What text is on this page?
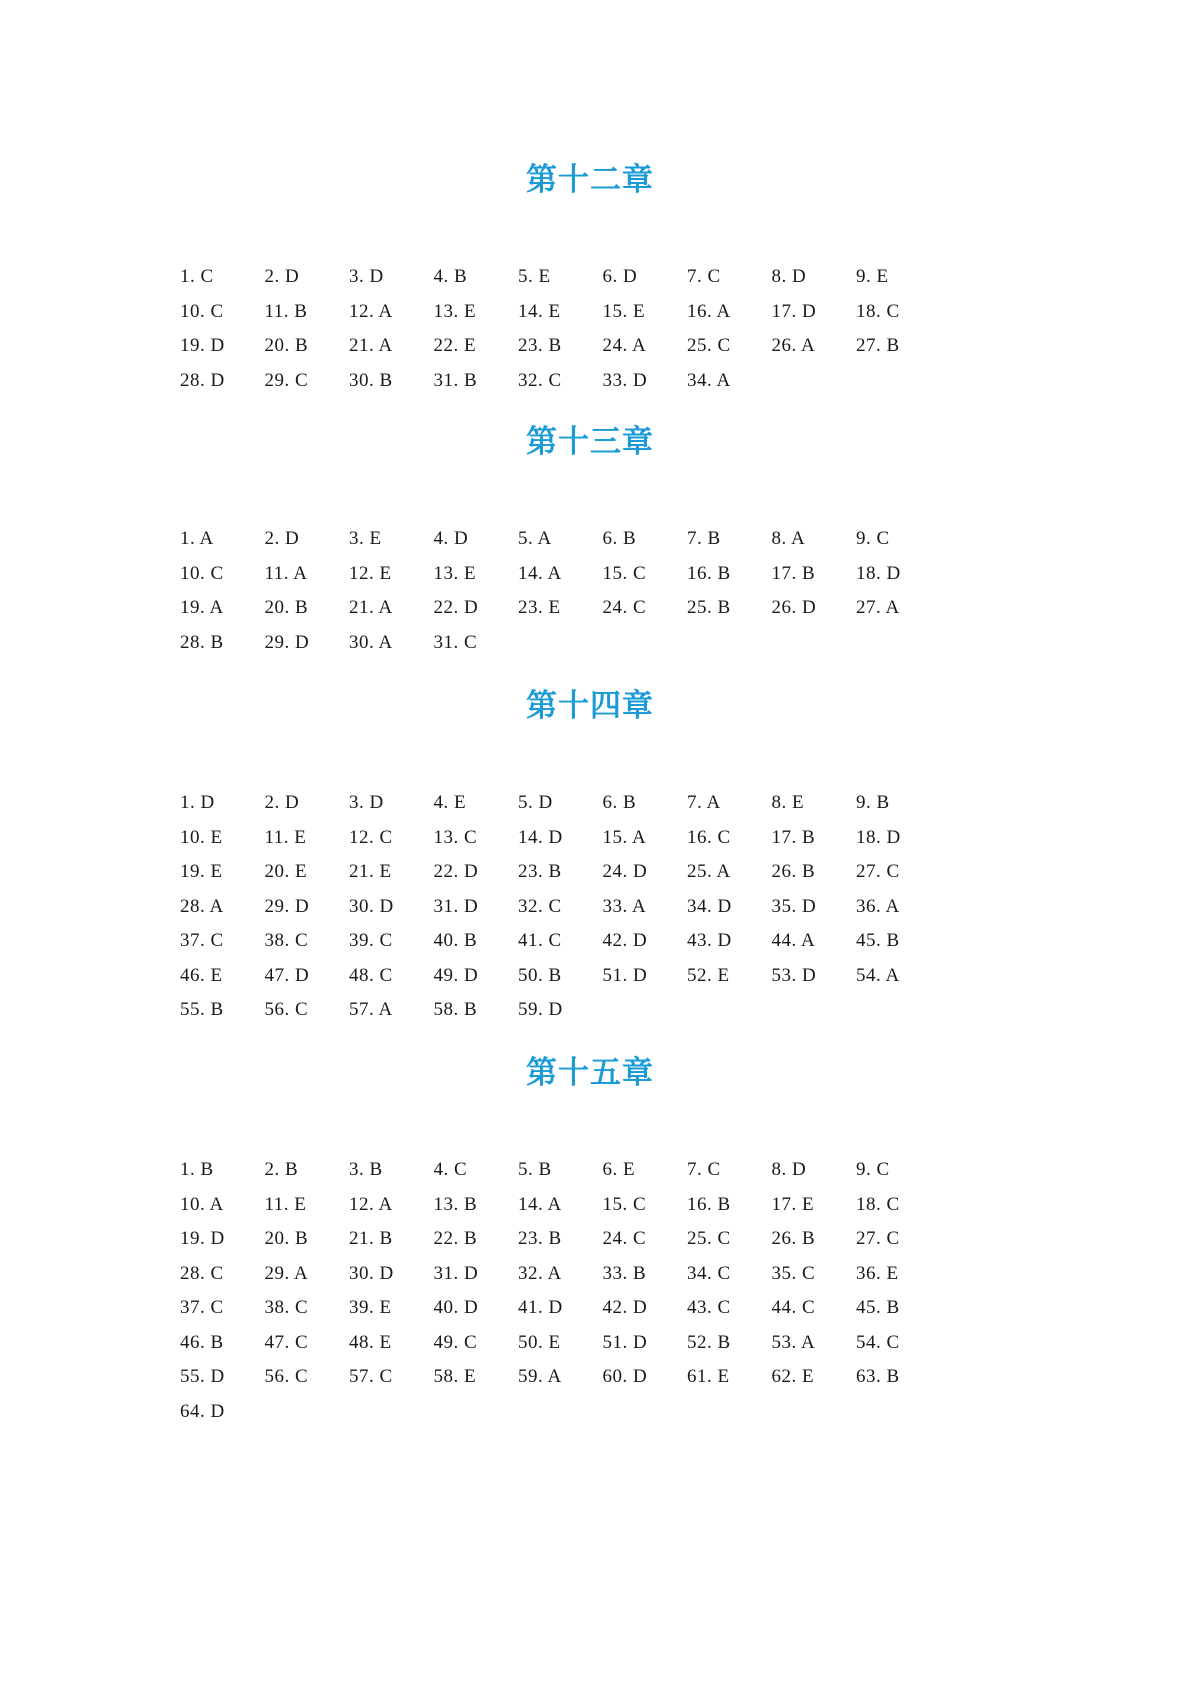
第十二章
1. C	2. D	3. D	4. B	5. E	6. D	7. C	8. D	9. E
10. C	11. B	12. A	13. E	14. E	15. E	16. A	17. D	18. C
19. D	20. B	21. A	22. E	23. B	24. A	25. C	26. A	27. B
28. D	29. C	30. B	31. B	32. C	33. D	34. A
第十三章
1. A	2. D	3. E	4. D	5. A	6. B	7. B	8. A	9. C
10. C	11. A	12. E	13. E	14. A	15. C	16. B	17. B	18. D
19. A	20. B	21. A	22. D	23. E	24. C	25. B	26. D	27. A
28. B	29. D	30. A	31. C
第十四章
1. D	2. D	3. D	4. E	5. D	6. B	7. A	8. E	9. B
10. E	11. E	12. C	13. C	14. D	15. A	16. C	17. B	18. D
19. E	20. E	21. E	22. D	23. B	24. D	25. A	26. B	27. C
28. A	29. D	30. D	31. D	32. C	33. A	34. D	35. D	36. A
37. C	38. C	39. C	40. B	41. C	42. D	43. D	44. A	45. B
46. E	47. D	48. C	49. D	50. B	51. D	52. E	53. D	54. A
55. B	56. C	57. A	58. B	59. D
第十五章
1. B	2. B	3. B	4. C	5. B	6. E	7. C	8. D	9. C
10. A	11. E	12. A	13. B	14. A	15. C	16. B	17. E	18. C
19. D	20. B	21. B	22. B	23. B	24. C	25. C	26. B	27. C
28. C	29. A	30. D	31. D	32. A	33. B	34. C	35. C	36. E
37. C	38. C	39. E	40. D	41. D	42. D	43. C	44. C	45. B
46. B	47. C	48. E	49. C	50. E	51. D	52. B	53. A	54. C
55. D	56. C	57. C	58. E	59. A	60. D	61. E	62. E	63. B
64. D
